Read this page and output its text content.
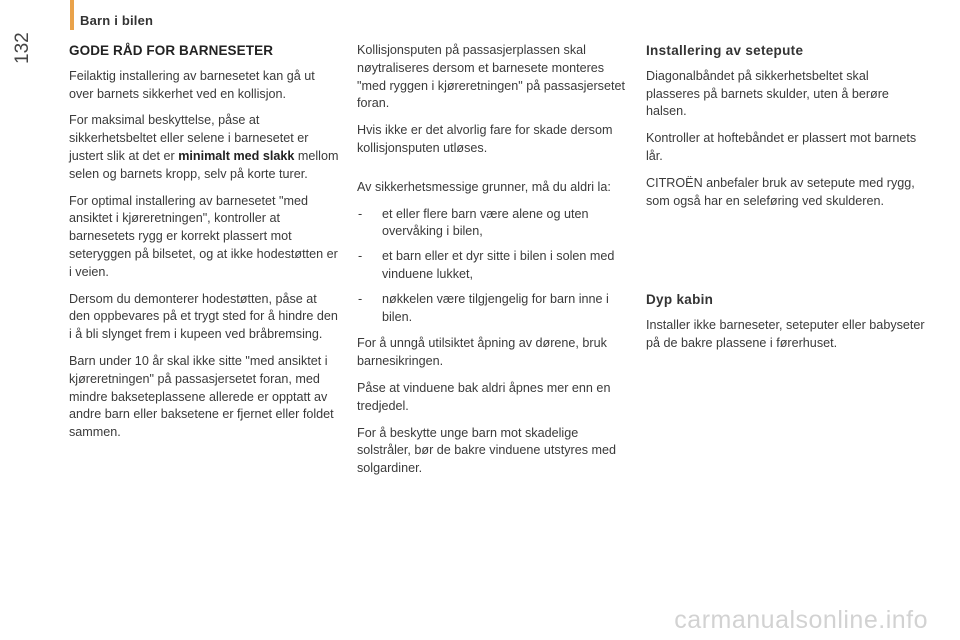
Barn i bilen
132	GODE RÅD FOR BARNESETER

Feilaktig installering av barnesetet kan gå ut over barnets sikkerhet ved en kollisjon.

For maksimal beskyttelse, påse at sikkerhetsbeltet eller selene i barnesetet er justert slik at det er minimalt med slakk mellom selen og barnets kropp, selv på korte turer.

For optimal installering av barnesetet "med ansiktet i kjøreretningen", kontroller at barnesetets rygg er korrekt plassert mot seteryggen på bilsetet, og at ikke hodestøtten er i veien.

Dersom du demonterer hodestøtten, påse at den oppbevares på et trygt sted for å hindre den i å bli slynget frem i kupeen ved bråbremsing.

Barn under 10 år skal ikke sitte "med ansiktet i kjøreretningen" på passasjersetet foran, med mindre bakseteplassene allerede er opptatt av andre barn eller baksetene er fjernet eller foldet sammen.

Kollisjonsputen på passasjerplassen skal nøytraliseres dersom et barnesete monteres "med ryggen i kjøreretningen" på passasjersetet foran.

Hvis ikke er det alvorlig fare for skade dersom kollisjonsputen utløses.

Av sikkerhetsmessige grunner, må du aldri la:

- et eller flere barn være alene og uten overvåking i bilen,
- et barn eller et dyr sitte i bilen i solen med vinduene lukket,
- nøkkelen være tilgjengelig for barn inne i bilen.

For å unngå utilsiktet åpning av dørene, bruk barnesikringen.

Påse at vinduene bak aldri åpnes mer enn en tredjedel.

For å beskytte unge barn mot skadelige solstråler, bør de bakre vinduene utstyres med solgardiner.

Installering av setepute

Diagonalbåndet på sikkerhetsbeltet skal plasseres på barnets skulder, uten å berøre halsen.

Kontroller at hoftebåndet er plassert mot barnets lår.

CITROËN anbefaler bruk av setepute med rygg, som også har en seleføring ved skulderen.

Dyp kabin

Installer ikke barneseter, seteputer eller babyseter på de bakre plassene i førerhuset.

carmanualsonline.info
